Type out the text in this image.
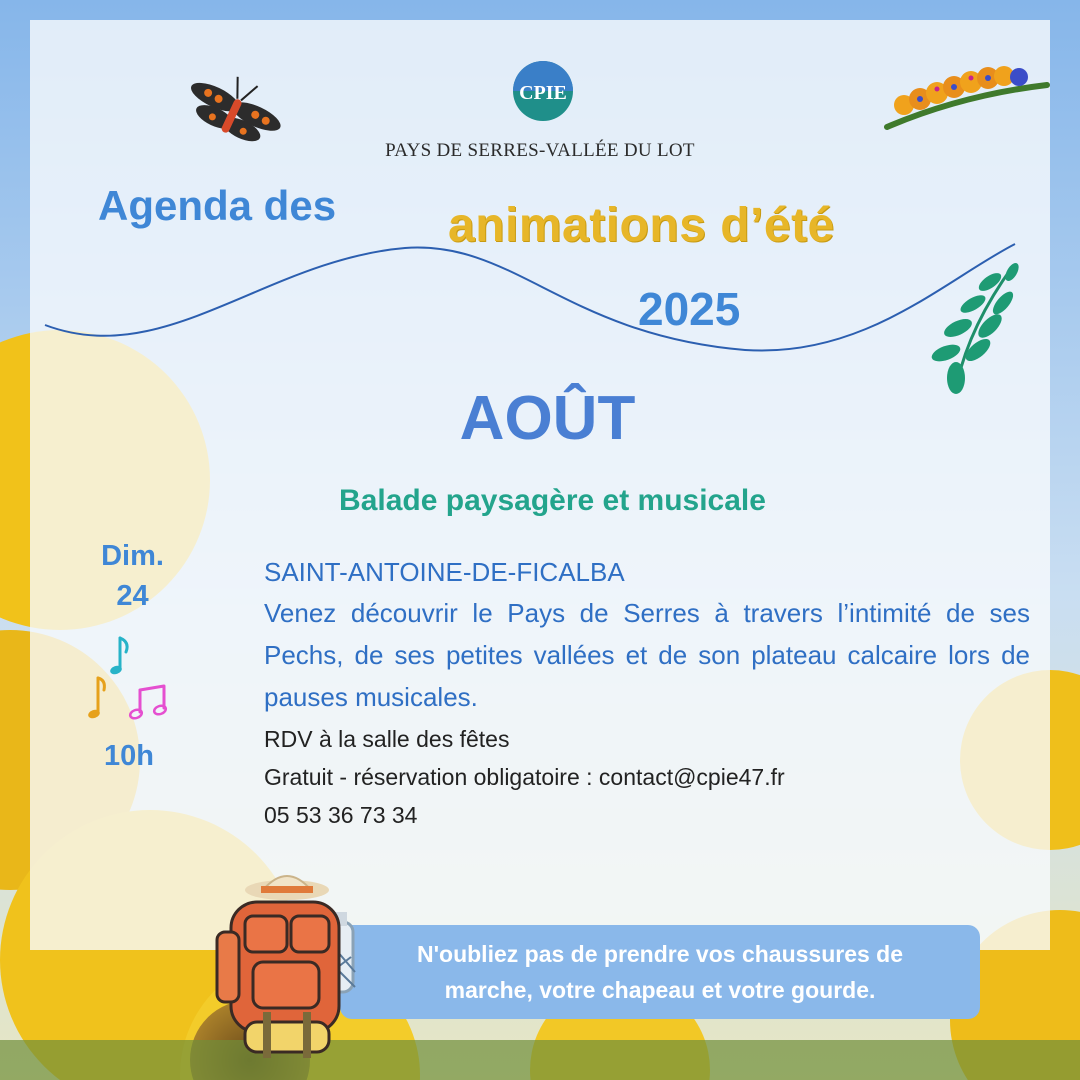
CPIE
PAYS DE SERRES-VALLÉE DU LOT
Agenda des animations d’été
2025
AOÛT
Balade paysagère et musicale
Dim.
24
10h
SAINT-ANTOINE-DE-FICALBA
Venez découvrir le Pays de Serres à travers l’intimité de ses Pechs, de ses petites vallées et de son plateau calcaire lors de pauses musicales.
RDV à la salle des fêtes
Gratuit - réservation obligatoire : contact@cpie47.fr
05 53 36 73 34
N'oubliez pas de prendre vos chaussures de marche, votre chapeau et votre gourde.
